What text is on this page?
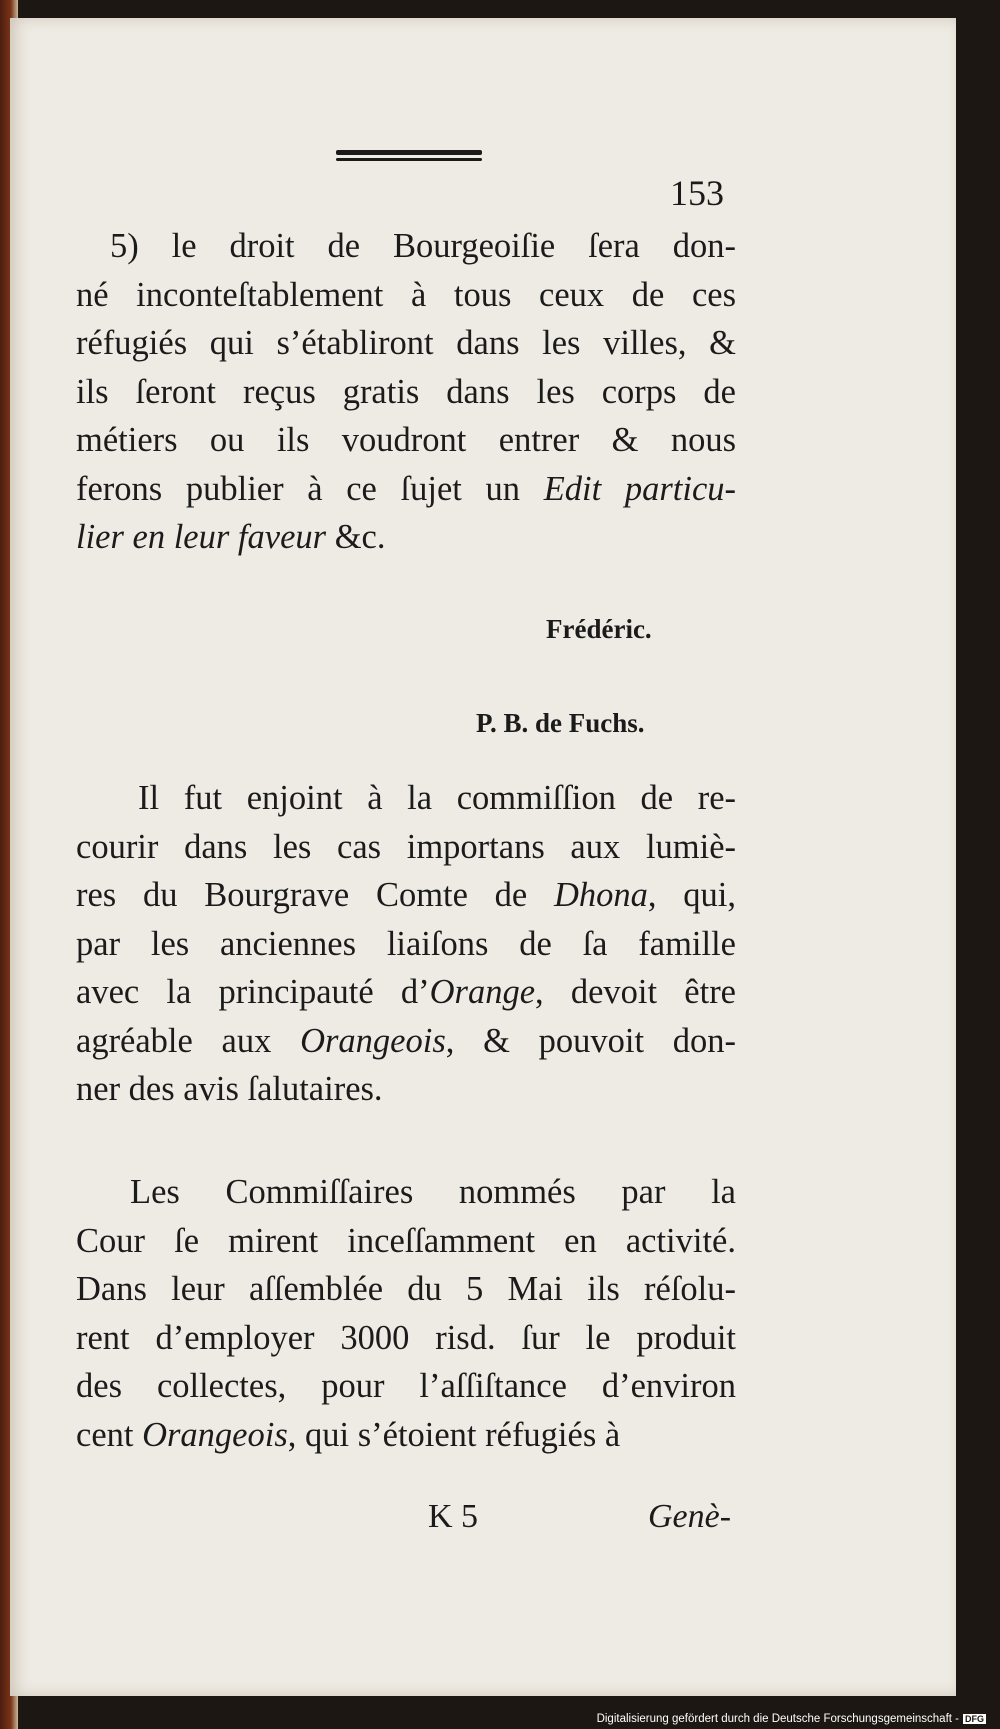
153
5) le droit de Bourgeoiſie ſera don-
né inconteſtablement à tous ceux de ces
réfugiés qui s’établiront dans les villes, &
ils ſeront reçus gratis dans les corps de
métiers ou ils voudront entrer & nous
ferons publier à ce ſujet un Edit particu-
lier en leur faveur &c.
Il fut enjoint à la commiſſion de re-
courir dans les cas importans aux lumiè-
res du Bourgrave Comte de Dhona, qui,
par les anciennes liaiſons de ſa famille
avec la principauté d’Orange, devoit être
agréable aux Orangeois, & pouvoit don-
ner des avis ſalutaires.
Les Commiſſaires nommés par la
Cour ſe mirent inceſſamment en activité.
Dans leur aſſemblée du 5 Mai ils réſolu-
rent d’employer 3000 risd. ſur le produit
des collectes, pour l’aſſiſtance d’environ
cent Orangeois, qui s’étoient réfugiés à
Frédéric.
P. B. de Fuchs.
K 5	Genè-
Digitalisierung gefördert durch die Deutsche Forschungsgemeinschaft - DFG
